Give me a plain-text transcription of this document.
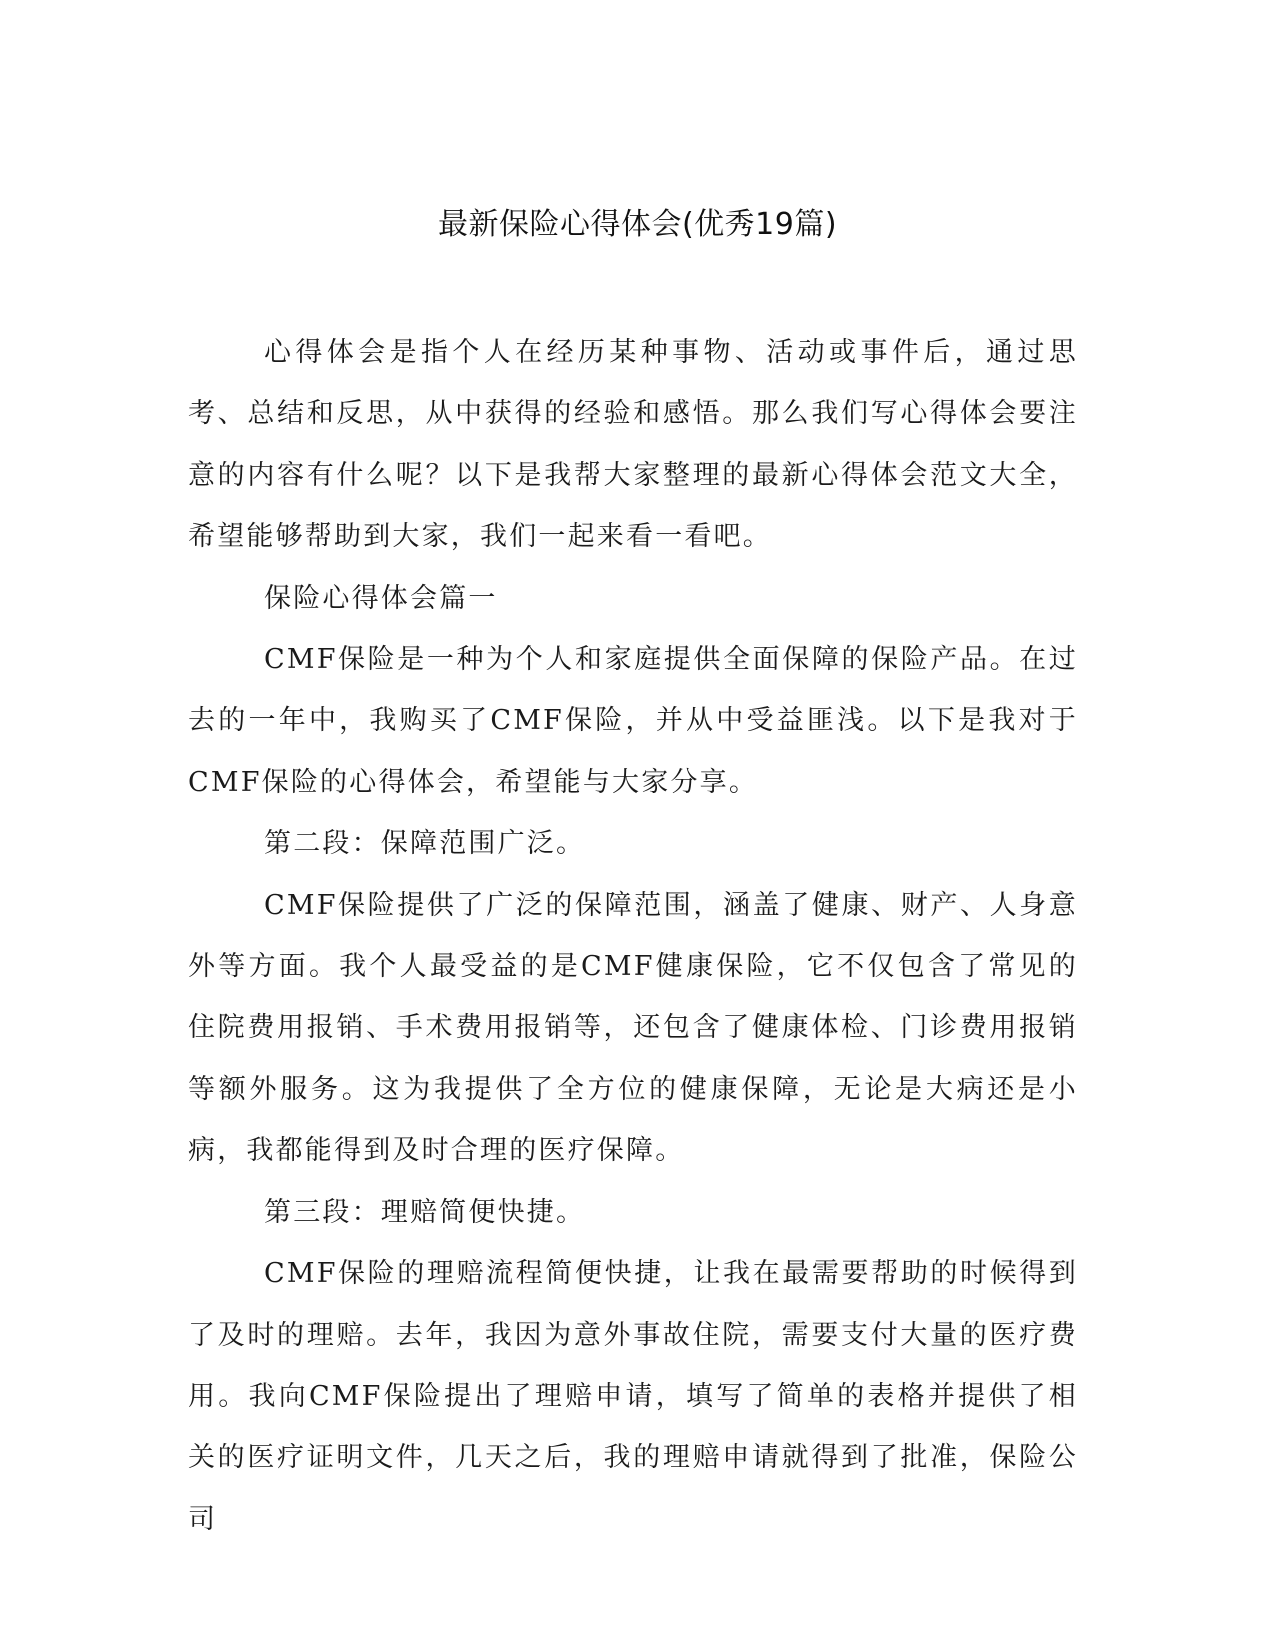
最新保险心得体会(优秀19篇)

心得体会是指个人在经历某种事物、活动或事件后，通过思考、总结和反思，从中获得的经验和感悟。那么我们写心得体会要注意的内容有什么呢？以下是我帮大家整理的最新心得体会范文大全，希望能够帮助到大家，我们一起来看一看吧。

保险心得体会篇一

CMF保险是一种为个人和家庭提供全面保障的保险产品。在过去的一年中，我购买了CMF保险，并从中受益匪浅。以下是我对于CMF保险的心得体会，希望能与大家分享。

第二段：保障范围广泛。

CMF保险提供了广泛的保障范围，涵盖了健康、财产、人身意外等方面。我个人最受益的是CMF健康保险，它不仅包含了常见的住院费用报销、手术费用报销等，还包含了健康体检、门诊费用报销等额外服务。这为我提供了全方位的健康保障，无论是大病还是小病，我都能得到及时合理的医疗保障。

第三段：理赔简便快捷。

CMF保险的理赔流程简便快捷，让我在最需要帮助的时候得到了及时的理赔。去年，我因为意外事故住院，需要支付大量的医疗费用。我向CMF保险提出了理赔申请，填写了简单的表格并提供了相关的医疗证明文件，几天之后，我的理赔申请就得到了批准，保险公司
